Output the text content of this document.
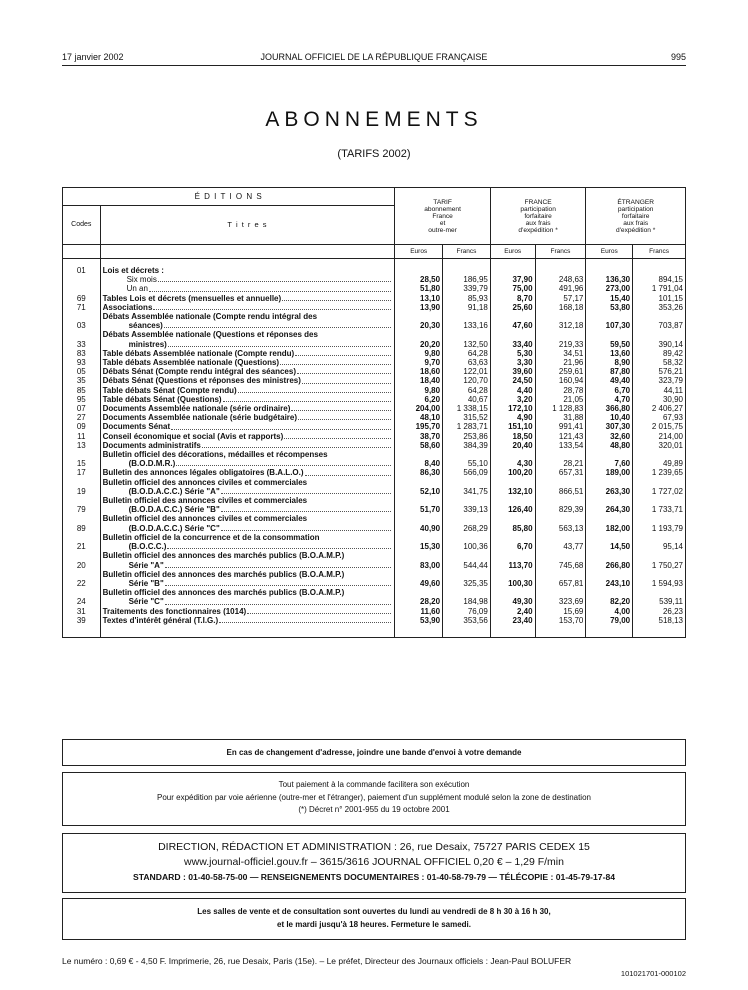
17 janvier 2002	JOURNAL OFFICIEL DE LA RÉPUBLIQUE FRANÇAISE	995
ABONNEMENTS
(TARIFS 2002)
É D I T I O N S		TARIF
abonnement
France
et
outre-mer		FRANCE
participation
forfaitaire
aux frais
d'expédition *		ÉTRANGER
participation
forfaitaire
aux frais
d'expédition *	

Codes	T i t r e s						
		Euros	Francs	Euros	Francs	Euros	Francs

01	Lois et décrets :						

	Six mois	28,50	186,95	37,90	248,63	136,30	894,15

	Un an	51,80	339,79	75,00	491,96	273,00	1 791,04
69	Tables Lois et décrets (mensuelles et annuelle)	13,10	85,93	8,70	57,17	15,40	101,15
71	Associations	13,90	91,18	25,60	168,18	53,80	353,26
03	Débats Assemblée nationale (Compte rendu intégral des
séances)	20,30	133,16	47,60	312,18	107,30	703,87
33	Débats Assemblée nationale (Questions et réponses des
ministres)	20,20	132,50	33,40	219,33	59,50	390,14
83	Table débats Assemblée nationale (Compte rendu)	9,80	64,28	5,30	34,51	13,60	89,42
93	Table débats Assemblée nationale (Questions)	9,70	63,63	3,30	21,96	8,90	58,32
05	Débats Sénat (Compte rendu intégral des séances)	18,60	122,01	39,60	259,61	87,80	576,21
35	Débats Sénat (Questions et réponses des ministres)	18,40	120,70	24,50	160,94	49,40	323,79
85	Table débats Sénat (Compte rendu)	9,80	64,28	4,40	28,78	6,70	44,11
95	Table débats Sénat (Questions)	6,20	40,67	3,20	21,05	4,70	30,90
07	Documents Assemblée nationale (série ordinaire)	204,00	1 338,15	172,10	1 128,83	366,80	2 406,27
27	Documents Assemblée nationale (série budgétaire)	48,10	315,52	4,90	31,88	10,40	67,93
09	Documents Sénat	195,70	1 283,71	151,10	991,41	307,30	2 015,75
11	Conseil économique et social (Avis et rapports)	38,70	253,86	18,50	121,43	32,60	214,00
13	Documents administratifs	58,60	384,39	20,40	133,54	48,80	320,01
15	Bulletin officiel des décorations, médailles et récompenses
(B.O.D.M.R.)	8,40	55,10	4,30	28,21	7,60	49,89
17	Bulletin des annonces légales obligatoires (B.A.L.O.)	86,30	566,09	100,20	657,31	189,00	1 239,65
19	Bulletin officiel des annonces civiles et commerciales
(B.O.D.A.C.C.) Série "A"	52,10	341,75	132,10	866,51	263,30	1 727,02
79	Bulletin officiel des annonces civiles et commerciales
(B.O.D.A.C.C.) Série "B"	51,70	339,13	126,40	829,39	264,30	1 733,71
89	Bulletin officiel des annonces civiles et commerciales
(B.O.D.A.C.C.) Série "C"	40,90	268,29	85,80	563,13	182,00	1 193,79
21	Bulletin officiel de la concurrence et de la consommation
(B.O.C.C.)	15,30	100,36	6,70	43,77	14,50	95,14
20	Bulletin officiel des annonces des marchés publics (B.O.A.M.P.)
Série "A"	83,00	544,44	113,70	745,68	266,80	1 750,27
22	Bulletin officiel des annonces des marchés publics (B.O.A.M.P.)
Série "B"	49,60	325,35	100,30	657,81	243,10	1 594,93
24	Bulletin officiel des annonces des marchés publics (B.O.A.M.P.)
Série "C"	28,20	184,98	49,30	323,69	82,20	539,11
31	Traitements des fonctionnaires (1014)	11,60	76,09	2,40	15,69	4,00	26,23
39	Textes d'intérêt général (T.I.G.)	53,90	353,56	23,40	153,70	79,00	518,13

En cas de changement d'adresse, joindre une bande d'envoi à votre demande
Tout paiement à la commande facilitera son exécution
Pour expédition par voie aérienne (outre-mer et l'étranger), paiement d'un supplément modulé selon la zone de destination
(*) Décret n° 2001-955 du 19 octobre 2001
DIRECTION, RÉDACTION ET ADMINISTRATION : 26, rue Desaix, 75727 PARIS CEDEX 15
www.journal-officiel.gouv.fr – 3615/3616 JOURNAL OFFICIEL 0,20 € – 1,29 F/min
STANDARD : 01-40-58-75-00 — RENSEIGNEMENTS DOCUMENTAIRES : 01-40-58-79-79 — TÉLÉCOPIE : 01-45-79-17-84
Les salles de vente et de consultation sont ouvertes du lundi au vendredi de 8 h 30 à 16 h 30,
et le mardi jusqu'à 18 heures. Fermeture le samedi.
Le numéro : 0,69 € - 4,50 F. Imprimerie, 26, rue Desaix, Paris (15e). – Le préfet, Directeur des Journaux officiels : Jean-Paul BOLUFER
101021701-000102
